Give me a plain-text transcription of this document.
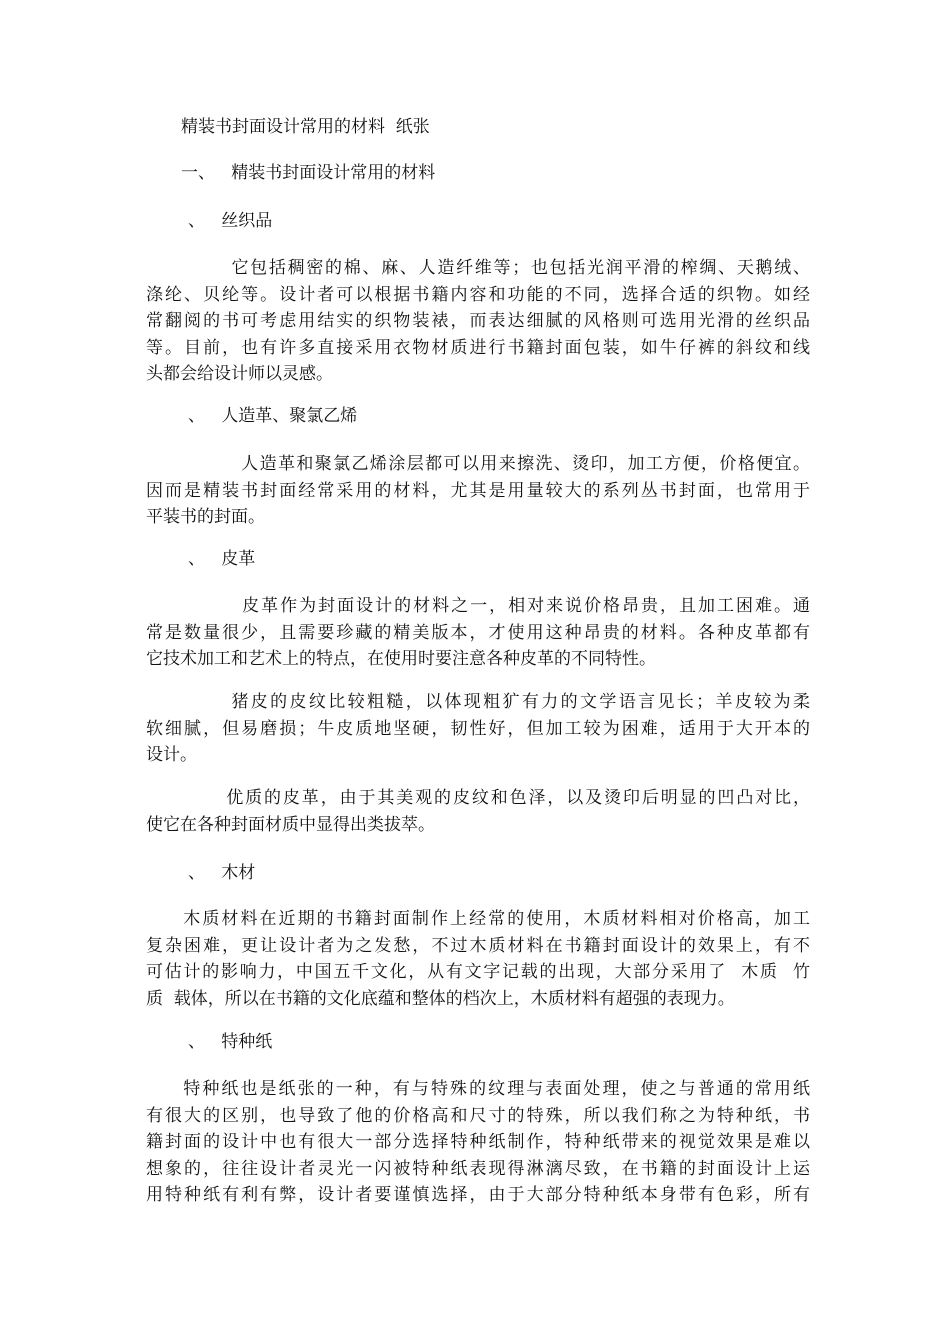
精装书封面设计常用的材料  纸张
一、   精装书封面设计常用的材料
、   丝织品
它包括稠密的棉、麻、人造纤维等；也包括光润平滑的榨绸、天鹅绒、
涤纶、贝纶等。设计者可以根据书籍内容和功能的不同，选择合适的织物。如经
常翻阅的书可考虑用结实的织物装裱，而表达细腻的风格则可选用光滑的丝织品
等。目前，也有许多直接采用衣物材质进行书籍封面包装，如牛仔裤的斜纹和线
头都会给设计师以灵感。
、   人造革、聚氯乙烯
人造革和聚氯乙烯涂层都可以用来擦洗、烫印，加工方便，价格便宜。
因而是精装书封面经常采用的材料，尤其是用量较大的系列丛书封面，也常用于
平装书的封面。
、   皮革
皮革作为封面设计的材料之一，相对来说价格昂贵，且加工困难。通
常是数量很少，且需要珍藏的精美版本，才使用这种昂贵的材料。各种皮革都有
它技术加工和艺术上的特点，在使用时要注意各种皮革的不同特性。
猪皮的皮纹比较粗糙，以体现粗犷有力的文学语言见长；羊皮较为柔
软细腻，但易磨损；牛皮质地坚硬，韧性好，但加工较为困难，适用于大开本的
设计。
优质的皮革，由于其美观的皮纹和色泽，以及烫印后明显的凹凸对比，
使它在各种封面材质中显得出类拔萃。
、   木材
木质材料在近期的书籍封面制作上经常的使用，木质材料相对价格高，加工
复杂困难，更让设计者为之发愁，不过木质材料在书籍封面设计的效果上，有不
可估计的影响力，中国五千文化，从有文字记载的出现，大部分采用了  木质  竹
质  载体，所以在书籍的文化底蕴和整体的档次上，木质材料有超强的表现力。
、   特种纸
特种纸也是纸张的一种，有与特殊的纹理与表面处理，使之与普通的常用纸
有很大的区别，也导致了他的价格高和尺寸的特殊，所以我们称之为特种纸，书
籍封面的设计中也有很大一部分选择特种纸制作，特种纸带来的视觉效果是难以
想象的，往往设计者灵光一闪被特种纸表现得淋漓尽致，在书籍的封面设计上运
用特种纸有利有弊，设计者要谨慎选择，由于大部分特种纸本身带有色彩，所有
